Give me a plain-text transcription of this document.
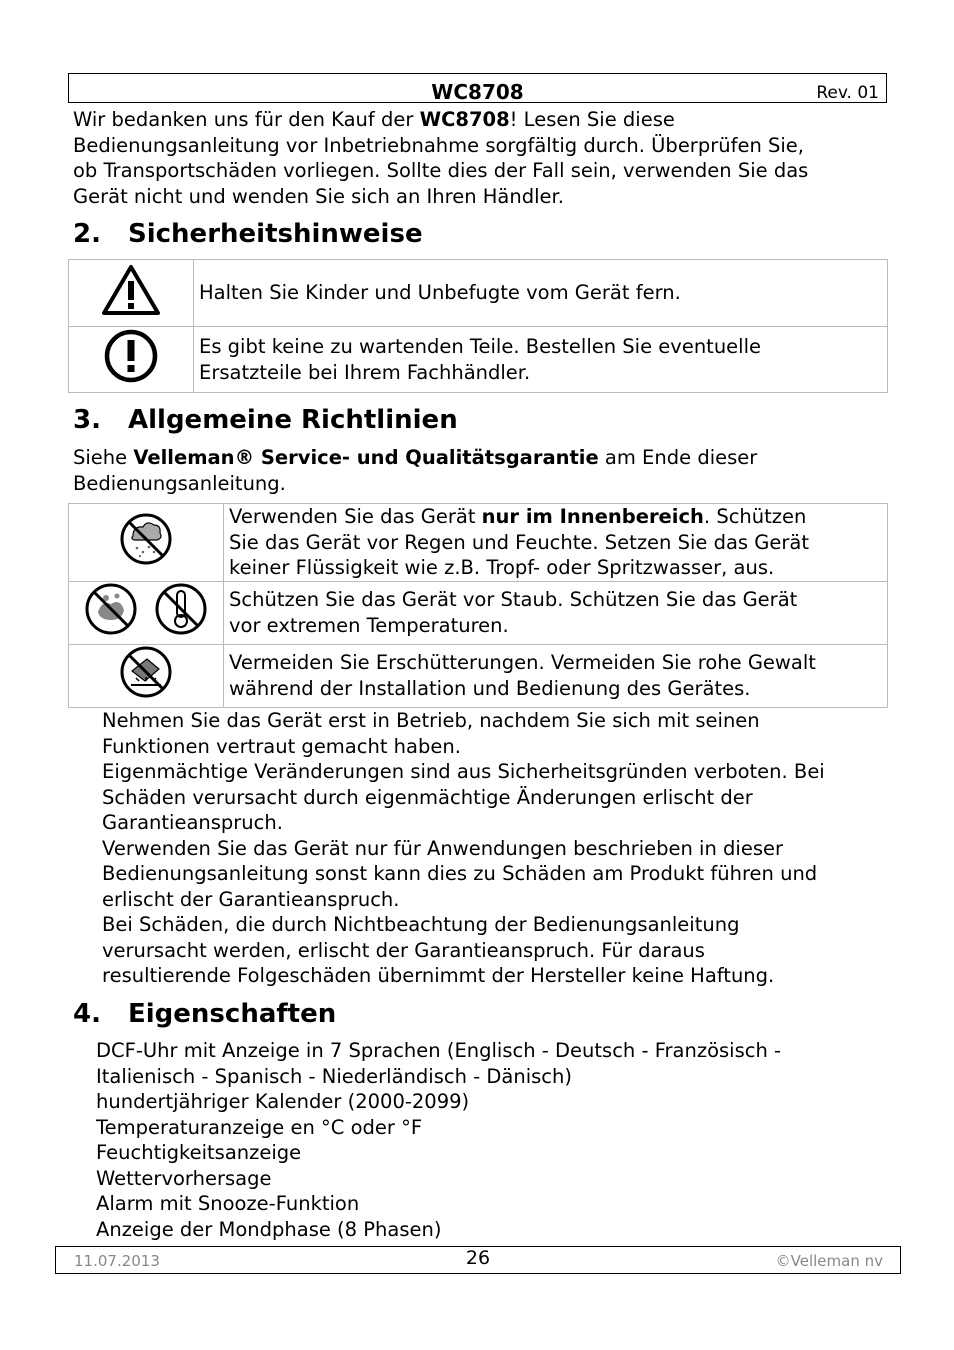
WC8708	Rev. 01
Wir bedanken uns für den Kauf der WC8708! Lesen Sie diese
Bedienungsanleitung vor Inbetriebnahme sorgfältig durch. Überprüfen Sie,
ob Transportschäden vorliegen. Sollte dies der Fall sein, verwenden Sie das
Gerät nicht und wenden Sie sich an Ihren Händler.
2. Sicherheitshinweise

Halten Sie Kinder und Unbefugte vom Gerät fern.

Es gibt keine zu wartenden Teile. Bestellen Sie eventuelle
Ersatzteile bei Ihrem Fachhändler.
3. Allgemeine Richtlinien
Siehe Velleman® Service- und Qualitätsgarantie am Ende dieser
Bedienungsanleitung.

Verwenden Sie das Gerät nur im Innenbereich. Schützen
Sie das Gerät vor Regen und Feuchte. Setzen Sie das Gerät
keiner Flüssigkeit wie z.B. Tropf- oder Spritzwasser, aus.

Schützen Sie das Gerät vor Staub. Schützen Sie das Gerät
vor extremen Temperaturen.

Vermeiden Sie Erschütterungen. Vermeiden Sie rohe Gewalt
während der Installation und Bedienung des Gerätes.
Nehmen Sie das Gerät erst in Betrieb, nachdem Sie sich mit seinen
Funktionen vertraut gemacht haben.
Eigenmächtige Veränderungen sind aus Sicherheitsgründen verboten. Bei
Schäden verursacht durch eigenmächtige Änderungen erlischt der
Garantieanspruch.
Verwenden Sie das Gerät nur für Anwendungen beschrieben in dieser
Bedienungsanleitung sonst kann dies zu Schäden am Produkt führen und
erlischt der Garantieanspruch.
Bei Schäden, die durch Nichtbeachtung der Bedienungsanleitung
verursacht werden, erlischt der Garantieanspruch. Für daraus
resultierende Folgeschäden übernimmt der Hersteller keine Haftung.
4. Eigenschaften
DCF-Uhr mit Anzeige in 7 Sprachen (Englisch - Deutsch - Französisch -
Italienisch - Spanisch - Niederländisch - Dänisch)
hundertjähriger Kalender (2000-2099)
Temperaturanzeige en °C oder °F
Feuchtigkeitsanzeige
Wettervorhersage
Alarm mit Snooze-Funktion
Anzeige der Mondphase (8 Phasen)
11.07.2013	26	©Velleman nv
